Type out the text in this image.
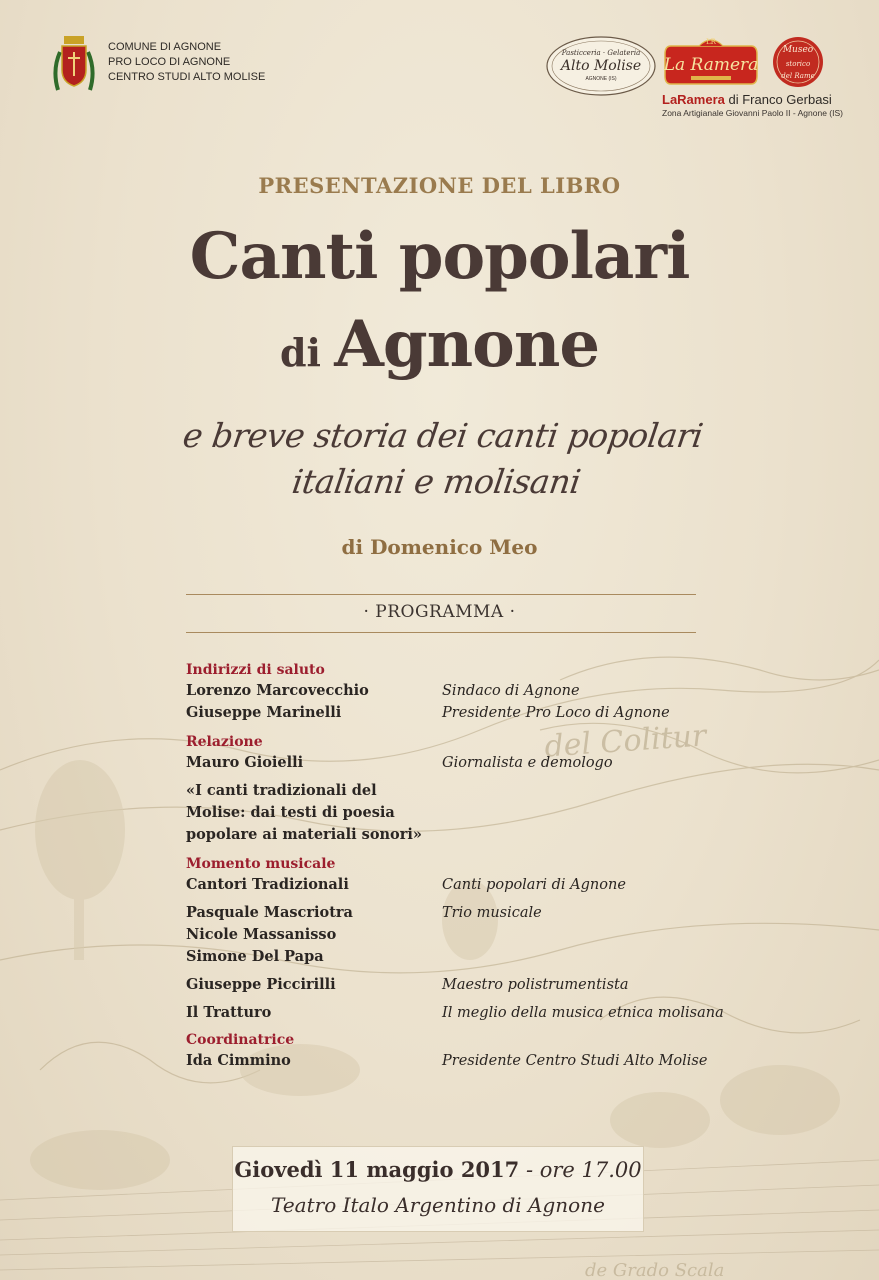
del Colitur
de Grado Scala
COMUNE DI AGNONE
PRO LOCO DI AGNONE
CENTRO STUDI ALTO MOLISE
Pasticceria · Gelateria
Alto Molise
AGNONE (IS)
LR
La Ramera
Museo
storico
del Rame
LaRamera di Franco Gerbasi
Zona Artigianale Giovanni Paolo II - Agnone (IS)
PRESENTAZIONE DEL LIBRO
Canti popolari
di Agnone
e breve storia dei canti popolari
italiani e molisani
di Domenico Meo
· PROGRAMMA ·
Indirizzi di saluto
Lorenzo Marcovecchio	Sindaco di Agnone
Giuseppe Marinelli	Presidente Pro Loco di Agnone
Relazione
Mauro Gioielli	Giornalista e demologo
«I canti tradizionali del Molise: dai testi di poesia popolare ai materiali sonori»
Momento musicale
Cantori Tradizionali	Canti popolari di Agnone
Pasquale Mascriotra	Trio musicale
Nicole Massanisso
Simone Del Papa
Giuseppe Piccirilli	Maestro polistrumentista
Il Tratturo	Il meglio della musica etnica molisana
Coordinatrice
Ida Cimmino	Presidente Centro Studi Alto Molise
Giovedì 11 maggio 2017 - ore 17.00
Teatro Italo Argentino di Agnone
